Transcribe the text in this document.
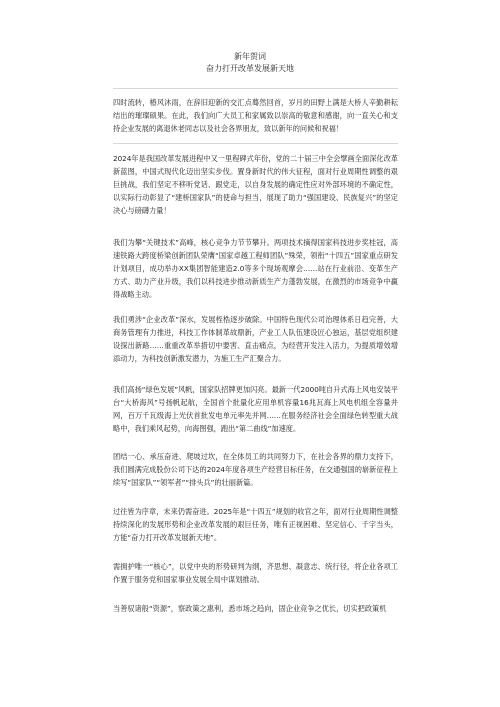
新年贺词
奋力打开改革发展新天地

四时流转，椿风沐雨，在辞旧迎新的交汇点蓦然回首，岁月的田野上满是大桥人辛勤耕耘结出的璀璨硕果。在此，我们向广大员工和家属致以崇高的敬意和感谢，向一直关心和支持企业发展的离退休老同志以及社会各界朋友，致以新年的问候和祝福！

2024年是我国改革发展进程中又一里程碑式年份，党的二十届三中全会擘画全面深化改革新蓝图，中国式现代化迈出坚实步伐。置身新时代的伟大征程，面对行业周期性调整的艰巨挑战，我们坚定不移听党话、跟党走，以自身发展的确定性应对外部环境的不确定性，以实际行动彰显了“建桥国家队”的使命与担当，展现了助力“强国建设、民族复兴”的坚定决心与磅礴力量！

我们为攀“关键技术”高峰，核心竞争力节节攀升。两项技术摘得国家科技进步奖桂冠，高速铁路大跨度桥梁创新团队荣膺“国家卓越工程师团队”殊荣，领衔“十四五”国家重点研发计划项目，成功举办XX集团智能建造2.0等多个现场观摩会……站在行业前沿、变革生产方式、助力产业升级，我们以科技进步推动新质生产力蓬勃发展，在激烈的市场竞争中赢得战略主动。

我们勇涉“企业改革”深水，发展桎梏逐步破除。中国特色现代公司治理体系日趋完善，大商务管理有力推进，科技工作体制革故鼎新，产业工人队伍建设匠心独运，基层党组织建设探出新路……重重改革举措切中要害、直击痛点，为经营开发注入活力，为提质增效增添动力，为科技创新激发潜力，为施工生产汇聚合力。

我们高扬“绿色发展”风帆，国家队招牌更加闪亮。最新一代2000吨自升式海上风电安装平台“大桥海风”号扬帆起航，全国首个批量化应用单机容量16兆瓦海上风电机组全容量并网，百万千瓦级海上光伏首批发电单元率先并网……在服务经济社会全面绿色转型重大战略中，我们乘风起势，向海图强，跑出“第二曲线”加速度。

团结一心、承压奋进、爬坡过坎，在全体员工的共同努力下，在社会各界的鼎力支持下，我们圆满完成股份公司下达的2024年度各项生产经营目标任务，在交通强国的崭新征程上续写“国家队”“领军者”“排头兵”的壮丽新篇。

过往皆为序章，未来仍需奋进。2025年是“十四五”规划的收官之年，面对行业周期性调整持续深化的发展形势和企业改革发展的艰巨任务，唯有正视困难、坚定信心、千字当头，方能“奋力打开改革发展新天地”。

需拥护唯一“核心”，以党中央的形势研判为纲，齐思想、凝意志、统行径，将企业各项工作置于服务党和国家事业发展全局中谋划推动。

当善驭诸般“资源”，察政策之惠利，悉市场之趋向，固企业竞争之优长，切实把政策机
